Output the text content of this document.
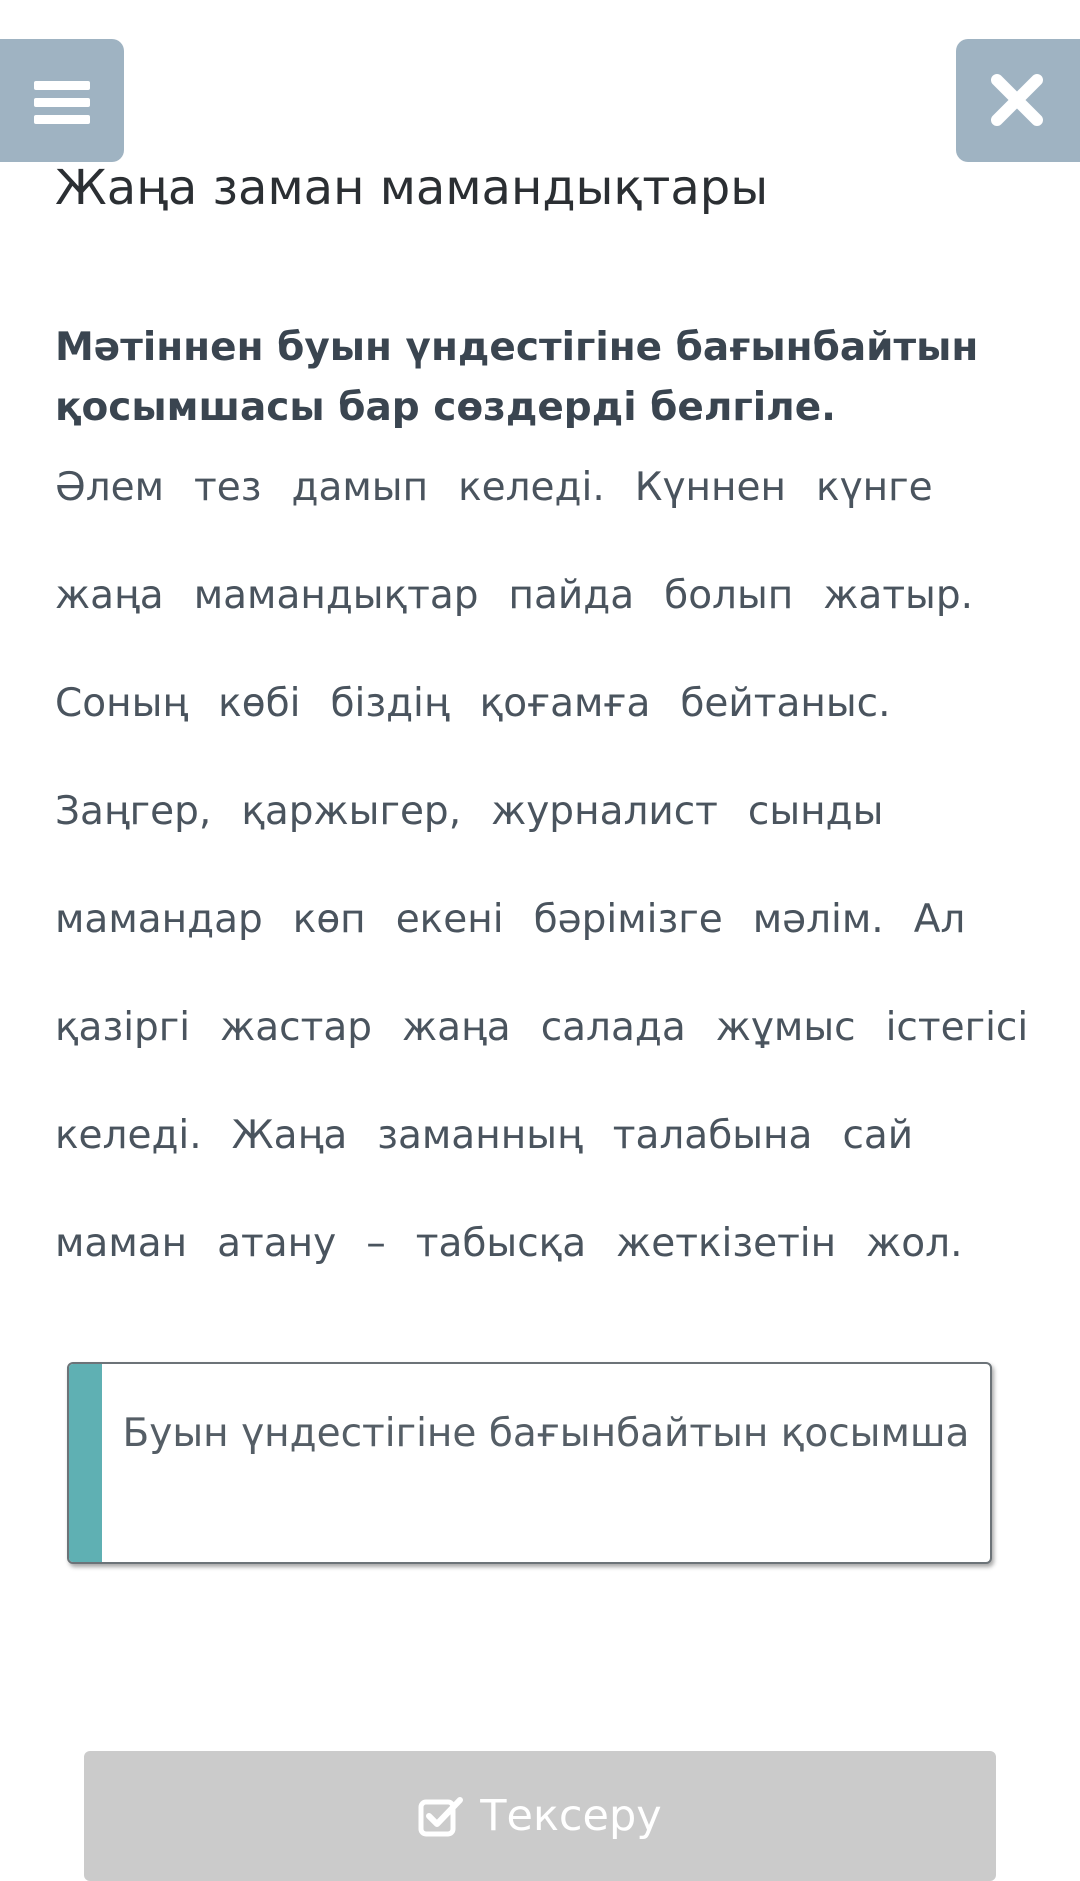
Жаңа заман мамандықтары
Мәтіннен буын үндестігіне бағынбайтын қосымшасы бар сөздерді белгіле.
Әлем тез дамып келеді. Күннен күнге
жаңа мамандықтар пайда болып жатыр.
Соның көбі біздің қоғамға бейтаныс.
Заңгер, қаржыгер, журналист сынды
мамандар көп екені бәрімізге мәлім. Ал
қазіргі жастар жаңа салада жұмыс істегісі
келеді. Жаңа заманның талабына сай
маман атану – табысқа жеткізетін жол.
Буын үндестігіне бағынбайтын қосымша
Тексеру
